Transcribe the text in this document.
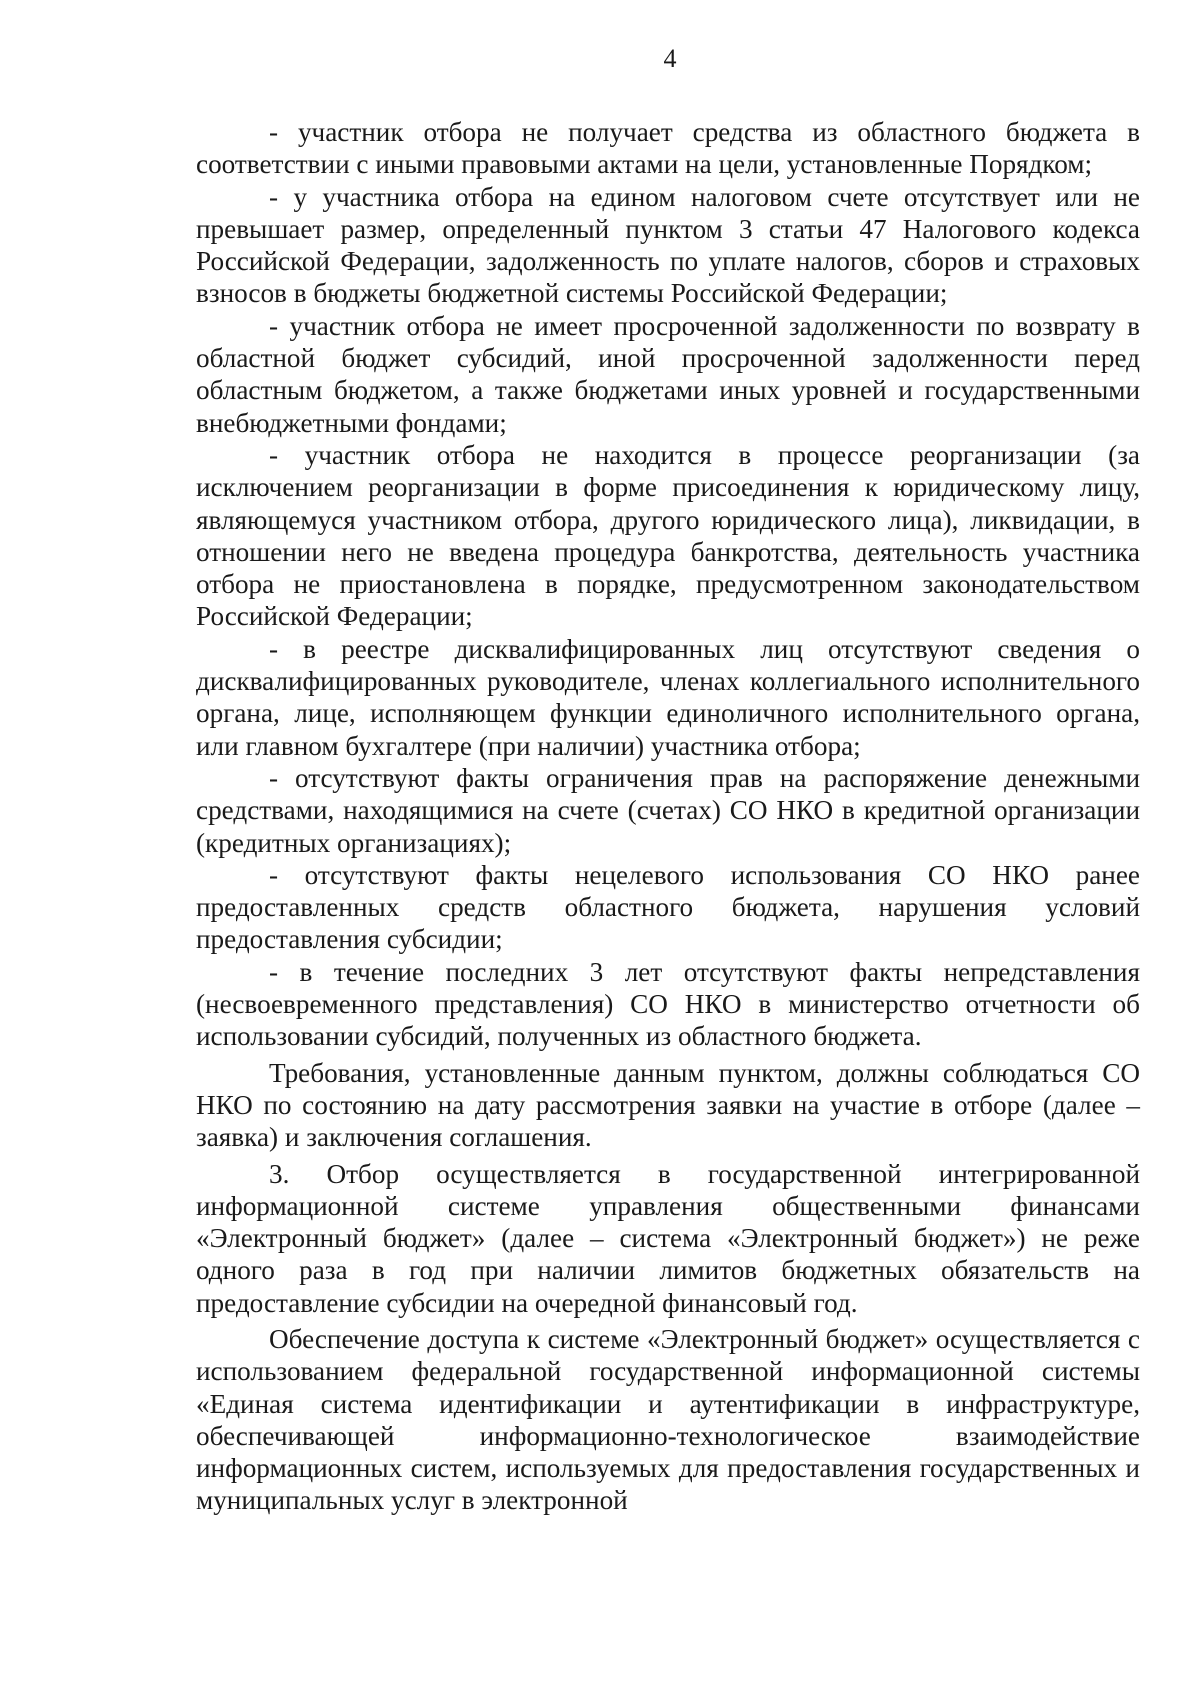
4

- участник отбора не получает средства из областного бюджета в соответствии с иными правовыми актами на цели, установленные Порядком;

- у участника отбора на едином налоговом счете отсутствует или не превышает размер, определенный пунктом 3 статьи 47 Налогового кодекса Российской Федерации, задолженность по уплате налогов, сборов и страховых взносов в бюджеты бюджетной системы Российской Федерации;

- участник отбора не имеет просроченной задолженности по возврату в областной бюджет субсидий, иной просроченной задолженности перед областным бюджетом, а также бюджетами иных уровней и государственными внебюджетными фондами;

- участник отбора не находится в процессе реорганизации (за исключением реорганизации в форме присоединения к юридическому лицу, являющемуся участником отбора, другого юридического лица), ликвидации, в отношении него не введена процедура банкротства, деятельность участника отбора не приостановлена в порядке, предусмотренном законодательством Российской Федерации;

- в реестре дисквалифицированных лиц отсутствуют сведения о дисквалифицированных руководителе, членах коллегиального исполнительного органа, лице, исполняющем функции единоличного исполнительного органа, или главном бухгалтере (при наличии) участника отбора;

- отсутствуют факты ограничения прав на распоряжение денежными средствами, находящимися на счете (счетах) СО НКО в кредитной организации (кредитных организациях);

- отсутствуют факты нецелевого использования СО НКО ранее предоставленных средств областного бюджета, нарушения условий предоставления субсидии;

- в течение последних 3 лет отсутствуют факты непредставления (несвоевременного представления) СО НКО в министерство отчетности об использовании субсидий, полученных из областного бюджета.

Требования, установленные данным пунктом, должны соблюдаться СО НКО по состоянию на дату рассмотрения заявки на участие в отборе (далее – заявка) и заключения соглашения.

3. Отбор осуществляется в государственной интегрированной информационной системе управления общественными финансами «Электронный бюджет» (далее – система «Электронный бюджет») не реже одного раза в год при наличии лимитов бюджетных обязательств на предоставление субсидии на очередной финансовый год.

Обеспечение доступа к системе «Электронный бюджет» осуществляется с использованием федеральной государственной информационной системы «Единая система идентификации и аутентификации в инфраструктуре, обеспечивающей информационно-технологическое взаимодействие информационных систем, используемых для предоставления государственных и муниципальных услуг в электронной
